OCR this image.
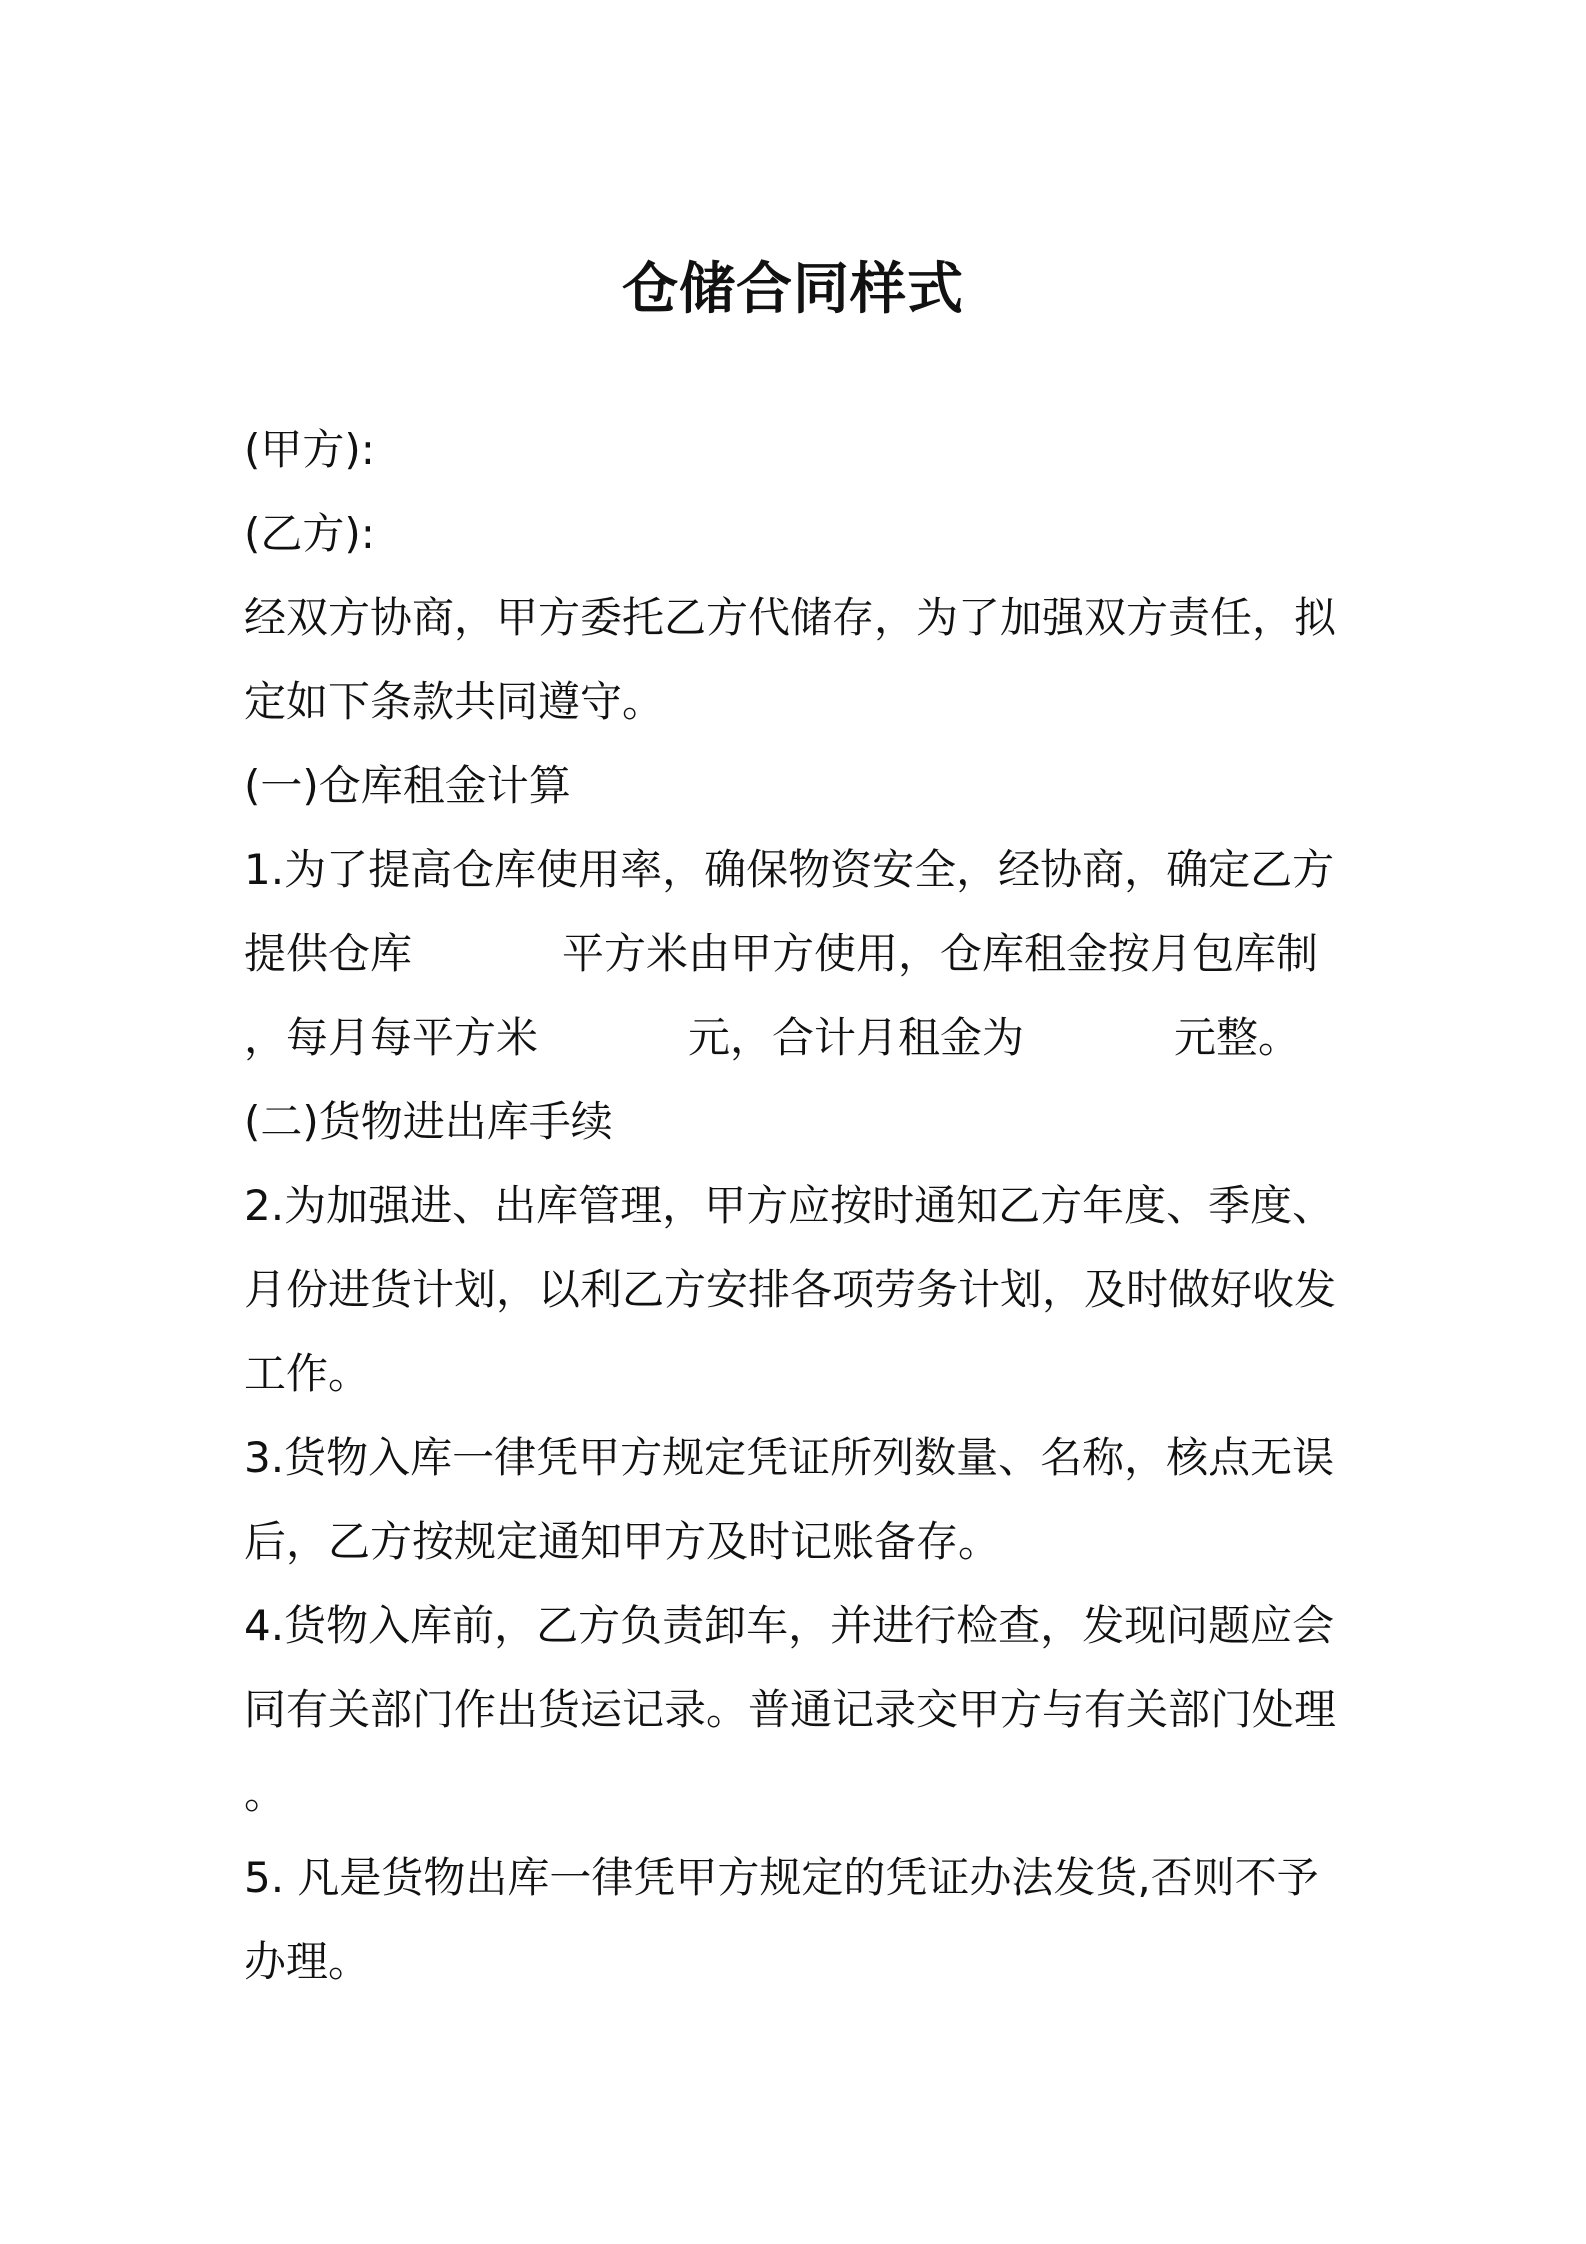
仓储合同样式
(甲方):
(乙方):
经双方协商，甲方委托乙方代储存，为了加强双方责任，拟
定如下条款共同遵守。
(一)仓库租金计算
1.为了提高仓库使用率，确保物资安全，经协商，确定乙方
提供仓库	平方米由甲方使用，仓库租金按月包库制
，每月每平方米	元，合计月租金为	元整。
(二)货物进出库手续
2.为加强进、出库管理，甲方应按时通知乙方年度、季度、
月份进货计划，以利乙方安排各项劳务计划，及时做好收发
工作。
3.货物入库一律凭甲方规定凭证所列数量、名称，核点无误
后，乙方按规定通知甲方及时记账备存。
4.货物入库前，乙方负责卸车，并进行检查，发现问题应会
同有关部门作出货运记录。普通记录交甲方与有关部门处理
。
5. 凡是货物出库一律凭甲方规定的凭证办法发货,否则不予
办理。
